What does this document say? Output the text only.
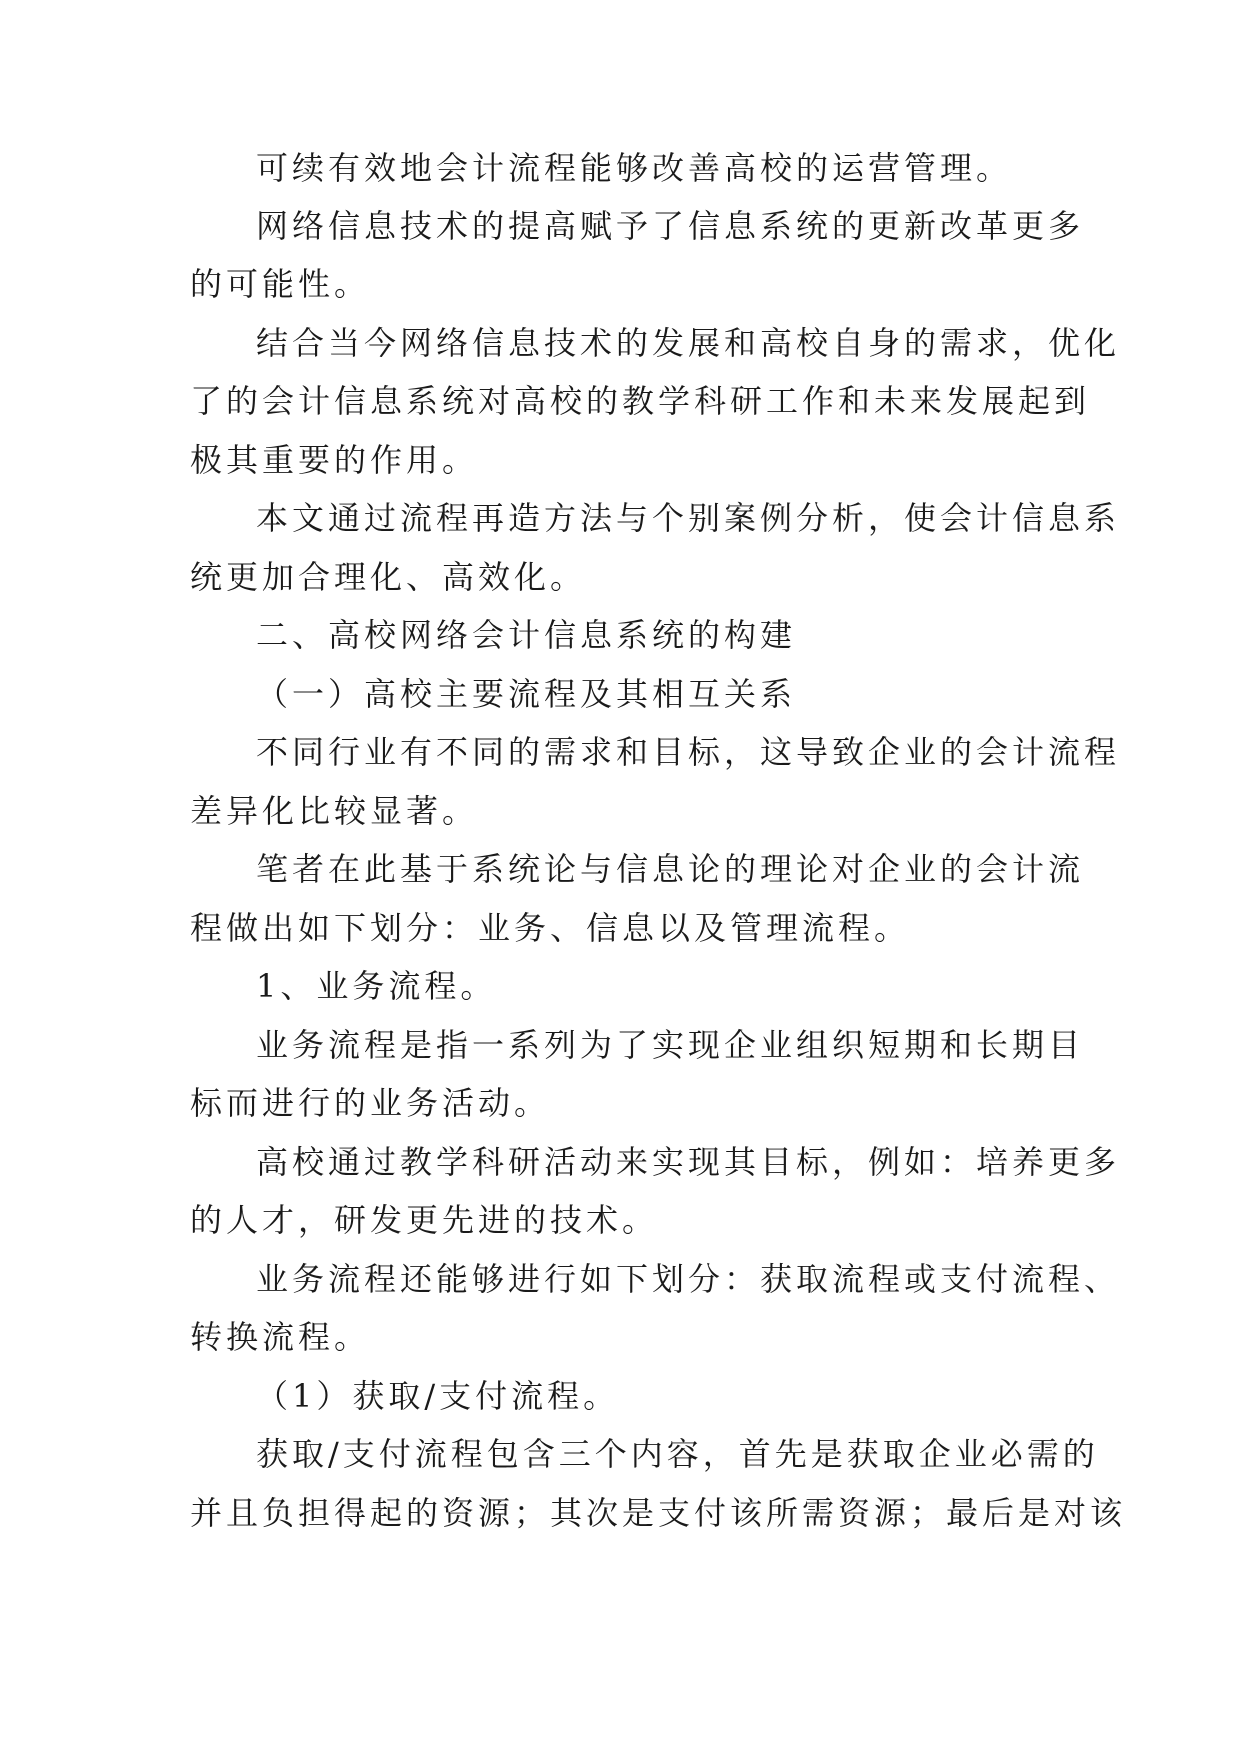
可续有效地会计流程能够改善高校的运营管理。
网络信息技术的提高赋予了信息系统的更新改革更多
的可能性。
结合当今网络信息技术的发展和高校自身的需求，优化
了的会计信息系统对高校的教学科研工作和未来发展起到
极其重要的作用。
本文通过流程再造方法与个别案例分析，使会计信息系
统更加合理化、高效化。
二、高校网络会计信息系统的构建
（一）高校主要流程及其相互关系
不同行业有不同的需求和目标，这导致企业的会计流程
差异化比较显著。
笔者在此基于系统论与信息论的理论对企业的会计流
程做出如下划分：业务、信息以及管理流程。
1、业务流程。
业务流程是指一系列为了实现企业组织短期和长期目
标而进行的业务活动。
高校通过教学科研活动来实现其目标，例如：培养更多
的人才，研发更先进的技术。
业务流程还能够进行如下划分：获取流程或支付流程、
转换流程。
（1）获取/支付流程。
获取/支付流程包含三个内容，首先是获取企业必需的
并且负担得起的资源；其次是支付该所需资源；最后是对该
